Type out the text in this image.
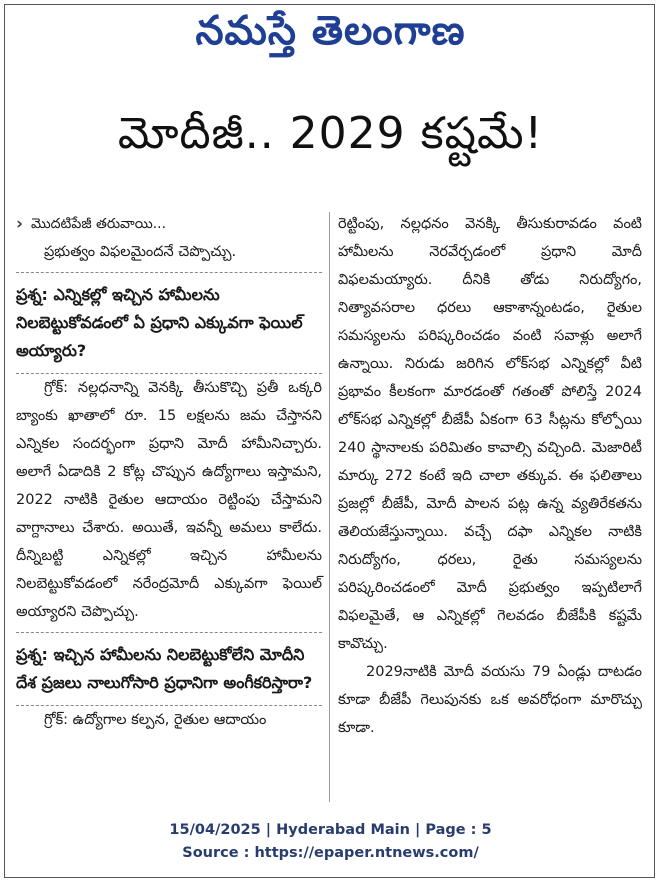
నమస్తే తెలంగాణ
మోదీజీ.. 2029 కష్టమే!
› మొదటిపేజీ తరువాయి...

ప్రభుత్వం విఫలమైందనే చెప్పొచ్చు.

ప్రశ్న: ఎన్నికల్లో ఇచ్చిన హామీలను నిలబెట్టుకోవడంలో ఏ ప్రధాని ఎక్కువగా ఫెయిల్ అయ్యారు?

గ్రోక్: నల్లధనాన్ని వెనక్కి తీసుకొచ్చి ప్రతీ ఒక్కరి బ్యాంకు ఖాతాలో రూ. 15 లక్షలను జమ చేస్తానని ఎన్నికల సందర్భంగా ప్రధాని మోదీ హామీనిచ్చారు. అలాగే ఏడాదికి 2 కోట్ల చొప్పున ఉద్యోగాలు ఇస్తామని, 2022 నాటికి రైతుల ఆదాయం రెట్టింపు చేస్తామని వాగ్దానాలు చేశారు. అయితే, ఇవన్నీ అమలు కాలేదు. దీన్నిబట్టి ఎన్నికల్లో ఇచ్చిన హామీలను నిలబెట్టుకోవడంలో నరేంద్రమోదీ ఎక్కువగా ఫెయిల్ అయ్యారని చెప్పొచ్చు.

ప్రశ్న: ఇచ్చిన హామీలను నిలబెట్టుకోలేని మోదీని దేశ ప్రజలు నాలుగోసారి ప్రధానిగా అంగీకరిస్తారా?

గ్రోక్: ఉద్యోగాల కల్పన, రైతుల ఆదాయం

రెట్టింపు, నల్లధనం వెనక్కి తీసుకురావడం వంటి హామీలను నెరవేర్చడంలో ప్రధాని మోదీ విఫలమయ్యారు. దీనికి తోడు నిరుద్యోగం, నిత్యావసరాల ధరలు ఆకాశాన్నంటడం, రైతుల సమస్యలను పరిష్కరించడం వంటి సవాళ్లు అలాగే ఉన్నాయి. నిరుడు జరిగిన లోక్‌సభ ఎన్నికల్లో వీటి ప్రభావం కీలకంగా మారడంతో గతంతో పోలిస్తే 2024 లోక్‌సభ ఎన్నికల్లో బీజేపీ ఏకంగా 63 సీట్లను కోల్పోయి 240 స్థానాలకు పరిమితం కావాల్సి వచ్చింది. మెజారిటీ మార్కు 272 కంటే ఇది చాలా తక్కువ. ఈ ఫలితాలు ప్రజల్లో బీజేపీ, మోదీ పాలన పట్ల ఉన్న వ్యతిరేకతను తెలియజేస్తున్నాయి. వచ్చే దఫా ఎన్నికల నాటికి నిరుద్యోగం, ధరలు, రైతు సమస్యలను పరిష్కరించడంలో మోదీ ప్రభుత్వం ఇప్పటిలాగే విఫలమైతే, ఆ ఎన్నికల్లో గెలవడం బీజేపీకి కష్టమే కావొచ్చు.

2029నాటికి మోదీ వయసు 79 ఏండ్లు దాటడం కూడా బీజేపీ గెలుపునకు ఒక అవరోధంగా మారొచ్చు కూడా.

15/04/2025 | Hyderabad Main | Page : 5
Source : https://epaper.ntnews.com/
